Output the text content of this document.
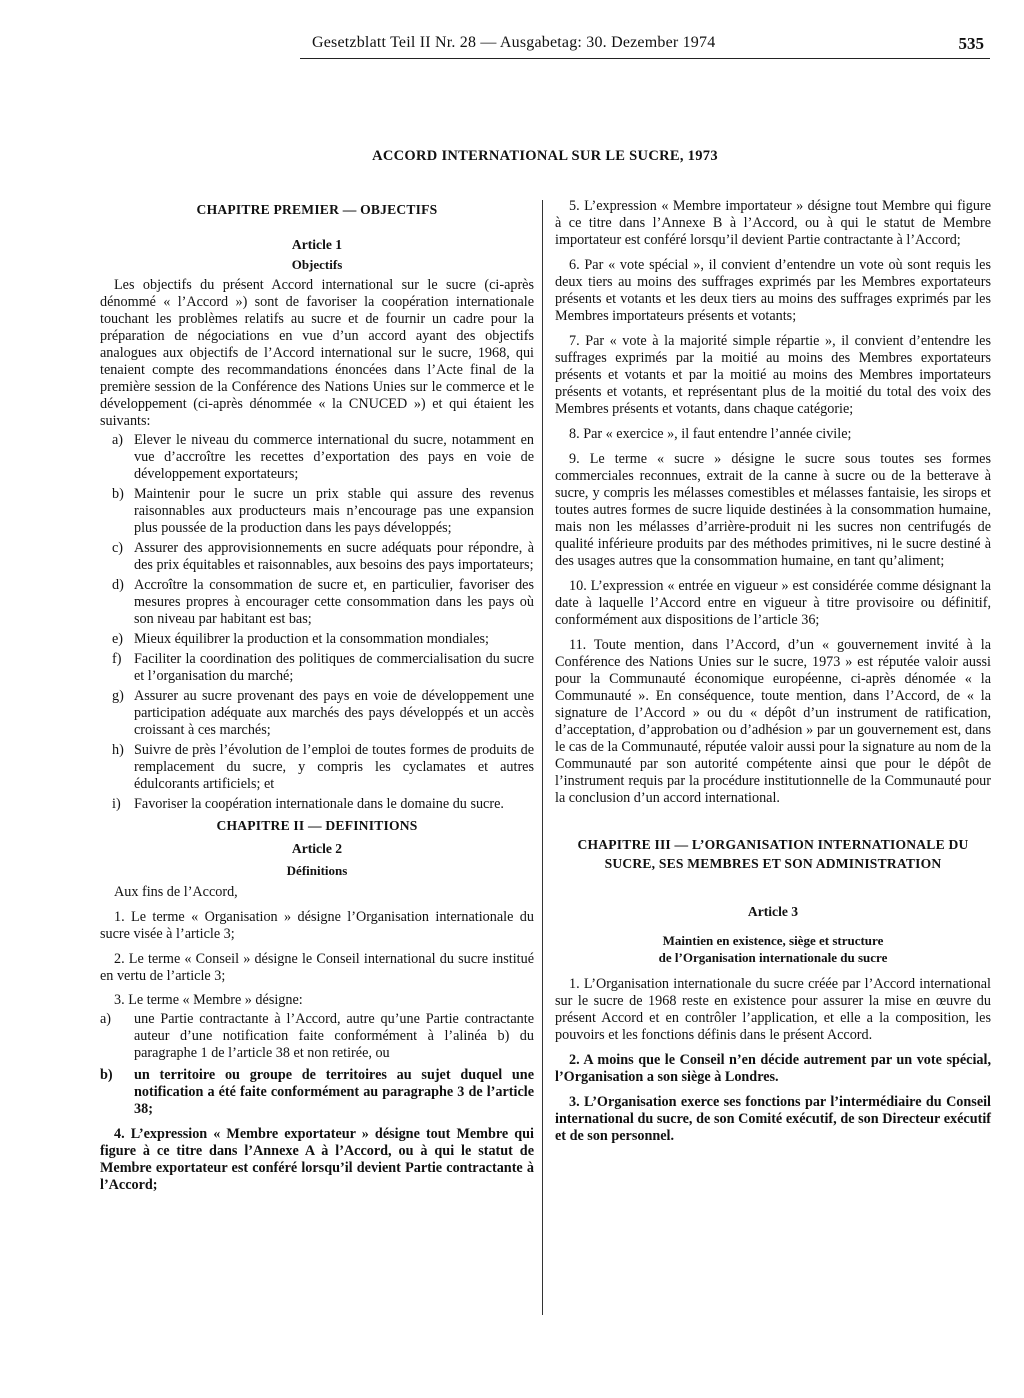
Gesetzblatt Teil II Nr. 28 — Ausgabetag: 30. Dezember 1974	535
ACCORD INTERNATIONAL SUR LE SUCRE, 1973
CHAPITRE PREMIER — OBJECTIFS
Article 1
Objectifs

Les objectifs du présent Accord international sur le sucre (ci-après dénommé « l’Accord ») sont de favoriser la coopération internationale touchant les problèmes relatifs au sucre et de fournir un cadre pour la préparation de négociations en vue d’un accord ayant des objectifs analogues aux objectifs de l’Accord international sur le sucre, 1968, qui tenaient compte des recommandations énoncées dans l’Acte final de la première session de la Conférence des Nations Unies sur le commerce et le développement (ci-après dénommée « la CNUCED ») et qui étaient les suivants:

a) Elever le niveau du commerce international du sucre, notamment en vue d’accroître les recettes d’exportation des pays en voie de développement exportateurs;
b) Maintenir pour le sucre un prix stable qui assure des revenus raisonnables aux producteurs mais n’encourage pas une expansion plus poussée de la production dans les pays développés;
c) Assurer des approvisionnements en sucre adéquats pour répondre, à des prix équitables et raisonnables, aux besoins des pays importateurs;
d) Accroître la consommation de sucre et, en particulier, favoriser des mesures propres à encourager cette consommation dans les pays où son niveau par habitant est bas;
e) Mieux équilibrer la production et la consommation mondiales;
f) Faciliter la coordination des politiques de commercialisation du sucre et l’organisation du marché;
g) Assurer au sucre provenant des pays en voie de développement une participation adéquate aux marchés des pays développés et un accès croissant à ces marchés;
h) Suivre de près l’évolution de l’emploi de toutes formes de produits de remplacement du sucre, y compris les cyclamates et autres édulcorants artificiels; et
i) Favoriser la coopération internationale dans le domaine du sucre.
CHAPITRE II — DEFINITIONS
Article 2
Définitions

Aux fins de l’Accord,

1. Le terme « Organisation » désigne l’Organisation internationale du sucre visée à l’article 3;

2. Le terme « Conseil » désigne le Conseil international du sucre institué en vertu de l’article 3;

3. Le terme « Membre » désigne:

a) une Partie contractante à l’Accord, autre qu’une Partie contractante auteur d’une notification faite conformément à l’alinéa b) du paragraphe 1 de l’article 38 et non retirée, ou
b) un territoire ou groupe de territoires au sujet duquel une notification a été faite conformément au paragraphe 3 de l’article 38;

4. L’expression « Membre exportateur » désigne tout Membre qui figure à ce titre dans l’Annexe A à l’Accord, ou à qui le statut de Membre exportateur est conféré lorsqu’il devient Partie contractante à l’Accord;

5. L’expression « Membre importateur » désigne tout Membre qui figure à ce titre dans l’Annexe B à l’Accord, ou à qui le statut de Membre importateur est conféré lorsqu’il devient Partie contractante à l’Accord;

6. Par « vote spécial », il convient d’entendre un vote où sont requis les deux tiers au moins des suffrages exprimés par les Membres exportateurs présents et votants et les deux tiers au moins des suffrages exprimés par les Membres importateurs présents et votants;

7. Par « vote à la majorité simple répartie », il convient d’entendre les suffrages exprimés par la moitié au moins des Membres exportateurs présents et votants et par la moitié au moins des Membres importateurs présents et votants, et représentant plus de la moitié du total des voix des Membres présents et votants, dans chaque catégorie;

8. Par « exercice », il faut entendre l’année civile;

9. Le terme « sucre » désigne le sucre sous toutes ses formes commerciales reconnues, extrait de la canne à sucre ou de la betterave à sucre, y compris les mélasses comestibles et mélasses fantaisie, les sirops et toutes autres formes de sucre liquide destinées à la consommation humaine, mais non les mélasses d’arrière-produit ni les sucres non centrifugés de qualité inférieure produits par des méthodes primitives, ni le sucre destiné à des usages autres que la consommation humaine, en tant qu’aliment;

10. L’expression « entrée en vigueur » est considérée comme désignant la date à laquelle l’Accord entre en vigueur à titre provisoire ou définitif, conformément aux dispositions de l’article 36;

11. Toute mention, dans l’Accord, d’un « gouvernement invité à la Conférence des Nations Unies sur le sucre, 1973 » est réputée valoir aussi pour la Communauté économique européenne, ci-après dénomée « la Communauté ». En conséquence, toute mention, dans l’Accord, de « la signature de l’Accord » ou du « dépôt d’un instrument de ratification, d’acceptation, d’approbation ou d’adhésion » par un gouvernement est, dans le cas de la Communauté, réputée valoir aussi pour la signature au nom de la Communauté par son autorité compétente ainsi que pour le dépôt de l’instrument requis par la procédure institutionnelle de la Communauté pour la conclusion d’un accord international.

CHAPITRE III — L’ORGANISATION INTERNATIONALE DU SUCRE, SES MEMBRES ET SON ADMINISTRATION
Article 3
Maintien en existence, siège et structure
de l’Organisation internationale du sucre

1. L’Organisation internationale du sucre créée par l’Accord international sur le sucre de 1968 reste en existence pour assurer la mise en œuvre du présent Accord et en contrôler l’application, et elle a la composition, les pouvoirs et les fonctions définis dans le présent Accord.

2. A moins que le Conseil n’en décide autrement par un vote spécial, l’Organisation a son siège à Londres.

3. L’Organisation exerce ses fonctions par l’intermédiaire du Conseil international du sucre, de son Comité exécutif, de son Directeur exécutif et de son personnel.
